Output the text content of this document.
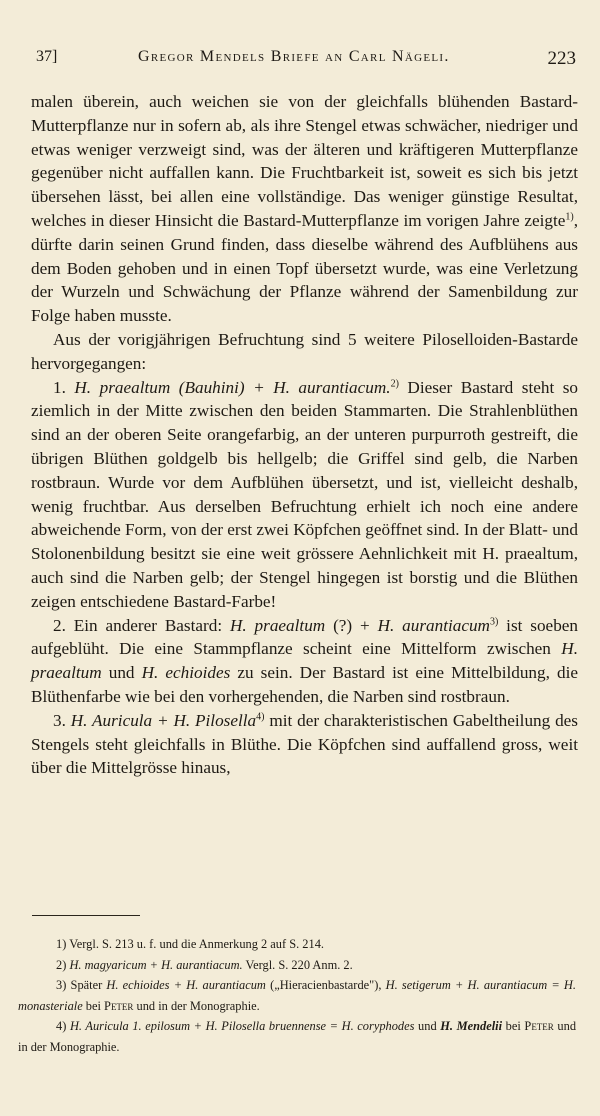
37]	Gregor Mendels Briefe an Carl Nägeli.	223

malen überein, auch weichen sie von der gleichfalls blühenden Bastard-Mutterpflanze nur in sofern ab, als ihre Stengel etwas schwächer, niedriger und etwas weniger verzweigt sind, was der älteren und kräftigeren Mutterpflanze gegenüber nicht auffallen kann. Die Fruchtbarkeit ist, soweit es sich bis jetzt übersehen lässt, bei allen eine vollständige. Das weniger günstige Resultat, welches in dieser Hinsicht die Bastard-Mutterpflanze im vorigen Jahre zeigte$^{1)}$, dürfte darin seinen Grund finden, dass dieselbe während des Aufblühens aus dem Boden gehoben und in einen Topf übersetzt wurde, was eine Verletzung der Wurzeln und Schwächung der Pflanze während der Samenbildung zur Folge haben musste.

Aus der vorigjährigen Befruchtung sind 5 weitere Piloselloiden-Bastarde hervorgegangen:

1. H. praealtum (Bauhini) + H. aurantiacum.$^{2)}$ Dieser Bastard steht so ziemlich in der Mitte zwischen den beiden Stammarten. Die Strahlenblüthen sind an der oberen Seite orangefarbig, an der unteren purpurroth gestreift, die übrigen Blüthen goldgelb bis hellgelb; die Griffel sind gelb, die Narben rostbraun. Wurde vor dem Aufblühen übersetzt, und ist, vielleicht deshalb, wenig fruchtbar. Aus derselben Befruchtung erhielt ich noch eine andere abweichende Form, von der erst zwei Köpfchen geöffnet sind. In der Blatt- und Stolonenbildung besitzt sie eine weit grössere Aehnlichkeit mit H. praealtum, auch sind die Narben gelb; der Stengel hingegen ist borstig und die Blüthen zeigen entschiedene Bastard-Farbe!

2. Ein anderer Bastard: H. praealtum (?) + H. aurantiacum$^{3)}$ ist soeben aufgeblüht. Die eine Stammpflanze scheint eine Mittelform zwischen H. praealtum und H. echioides zu sein. Der Bastard ist eine Mittelbildung, die Blüthenfarbe wie bei den vorhergehenden, die Narben sind rostbraun.

3. H. Auricula + H. Pilosella$^{4)}$ mit der charakteristischen Gabeltheilung des Stengels steht gleichfalls in Blüthe. Die Köpfchen sind auffallend gross, weit über die Mittelgrösse hinaus,

1) Vergl. S. 213 u. f. und die Anmerkung 2 auf S. 214.

2) H. magyaricum + H. aurantiacum. Vergl. S. 220 Anm. 2.

3) Später H. echioides + H. aurantiacum („Hieracienbastarde"), H. setigerum + H. aurantiacum = H. monasteriale bei Peter und in der Monographie.

4) H. Auricula 1. epilosum + H. Pilosella bruennense = H. coryphodes und H. Mendelii bei Peter und in der Monographie.
